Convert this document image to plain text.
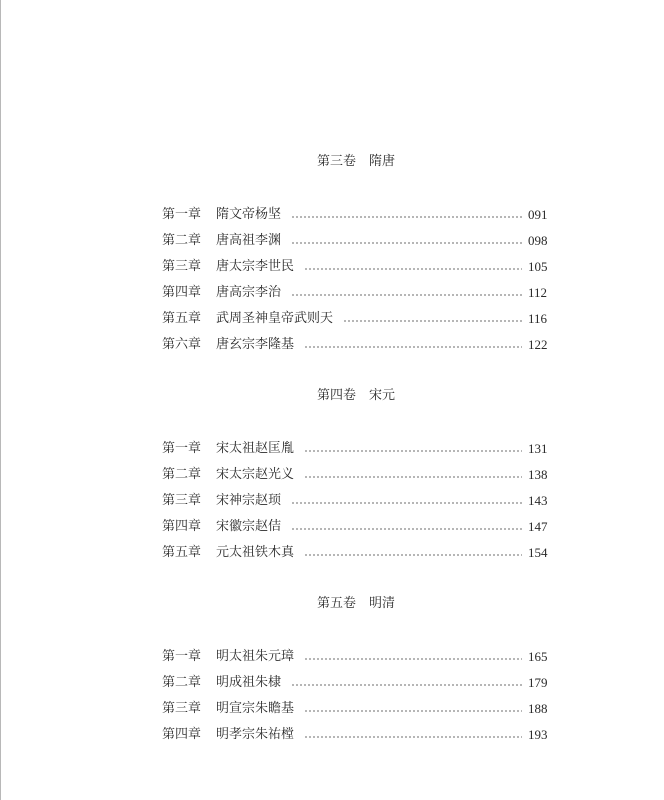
第三卷　隋唐
第一章 隋文帝杨坚	091
第二章 唐高祖李渊	098
第三章 唐太宗李世民	105
第四章 唐高宗李治	112
第五章 武周圣神皇帝武则天	116
第六章 唐玄宗李隆基	122
第四卷　宋元
第一章 宋太祖赵匡胤	131
第二章 宋太宗赵光义	138
第三章 宋神宗赵顼	143
第四章 宋徽宗赵佶	147
第五章 元太祖铁木真	154
第五卷　明清
第一章 明太祖朱元璋	165
第二章 明成祖朱棣	179
第三章 明宣宗朱瞻基	188
第四章 明孝宗朱祐樘	193
